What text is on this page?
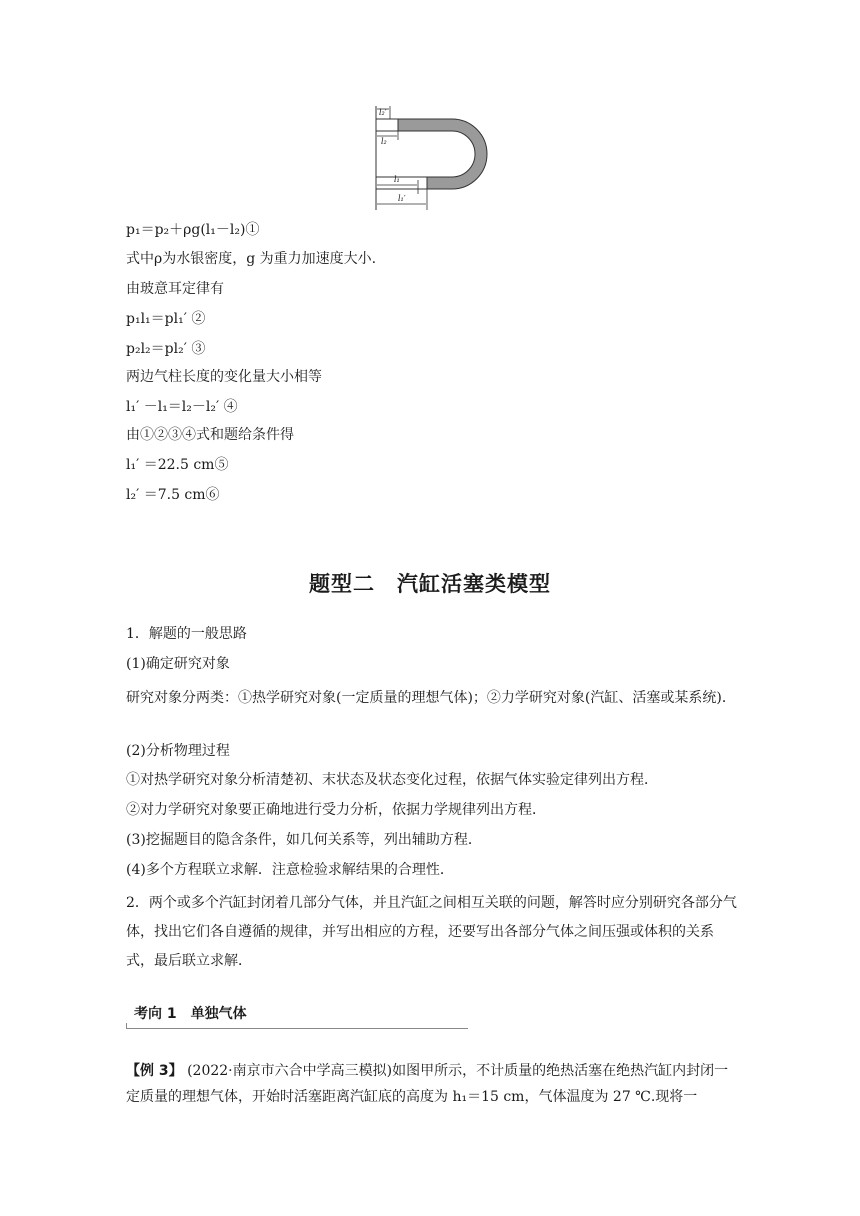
l₂′
l₂
l₁
l₁′
p₁＝p₂＋ρg(l₁－l₂)①
式中ρ为水银密度，g 为重力加速度大小.
由玻意耳定律有
p₁l₁＝pl₁′ ②
p₂l₂＝pl₂′ ③
两边气柱长度的变化量大小相等
l₁′ －l₁＝l₂－l₂′ ④
由①②③④式和题给条件得
l₁′ ＝22.5 cm⑤
l₂′ ＝7.5 cm⑥
题型二　汽缸活塞类模型
1．解题的一般思路
(1)确定研究对象
研究对象分两类：①热学研究对象(一定质量的理想气体)；②力学研究对象(汽缸、活塞或某系统)．
(2)分析物理过程
①对热学研究对象分析清楚初、末状态及状态变化过程，依据气体实验定律列出方程．
②对力学研究对象要正确地进行受力分析，依据力学规律列出方程．
(3)挖掘题目的隐含条件，如几何关系等，列出辅助方程．
(4)多个方程联立求解．注意检验求解结果的合理性．
2．两个或多个汽缸封闭着几部分气体，并且汽缸之间相互关联的问题，解答时应分别研究各部分气体，找出它们各自遵循的规律，并写出相应的方程，还要写出各部分气体之间压强或体积的关系式，最后联立求解．
考向 1　单独气体
【例 3】 (2022·南京市六合中学高三模拟)如图甲所示，不计质量的绝热活塞在绝热汽缸内封闭一定质量的理想气体，开始时活塞距离汽缸底的高度为 h₁＝15 cm，气体温度为 27 ℃.现将一
